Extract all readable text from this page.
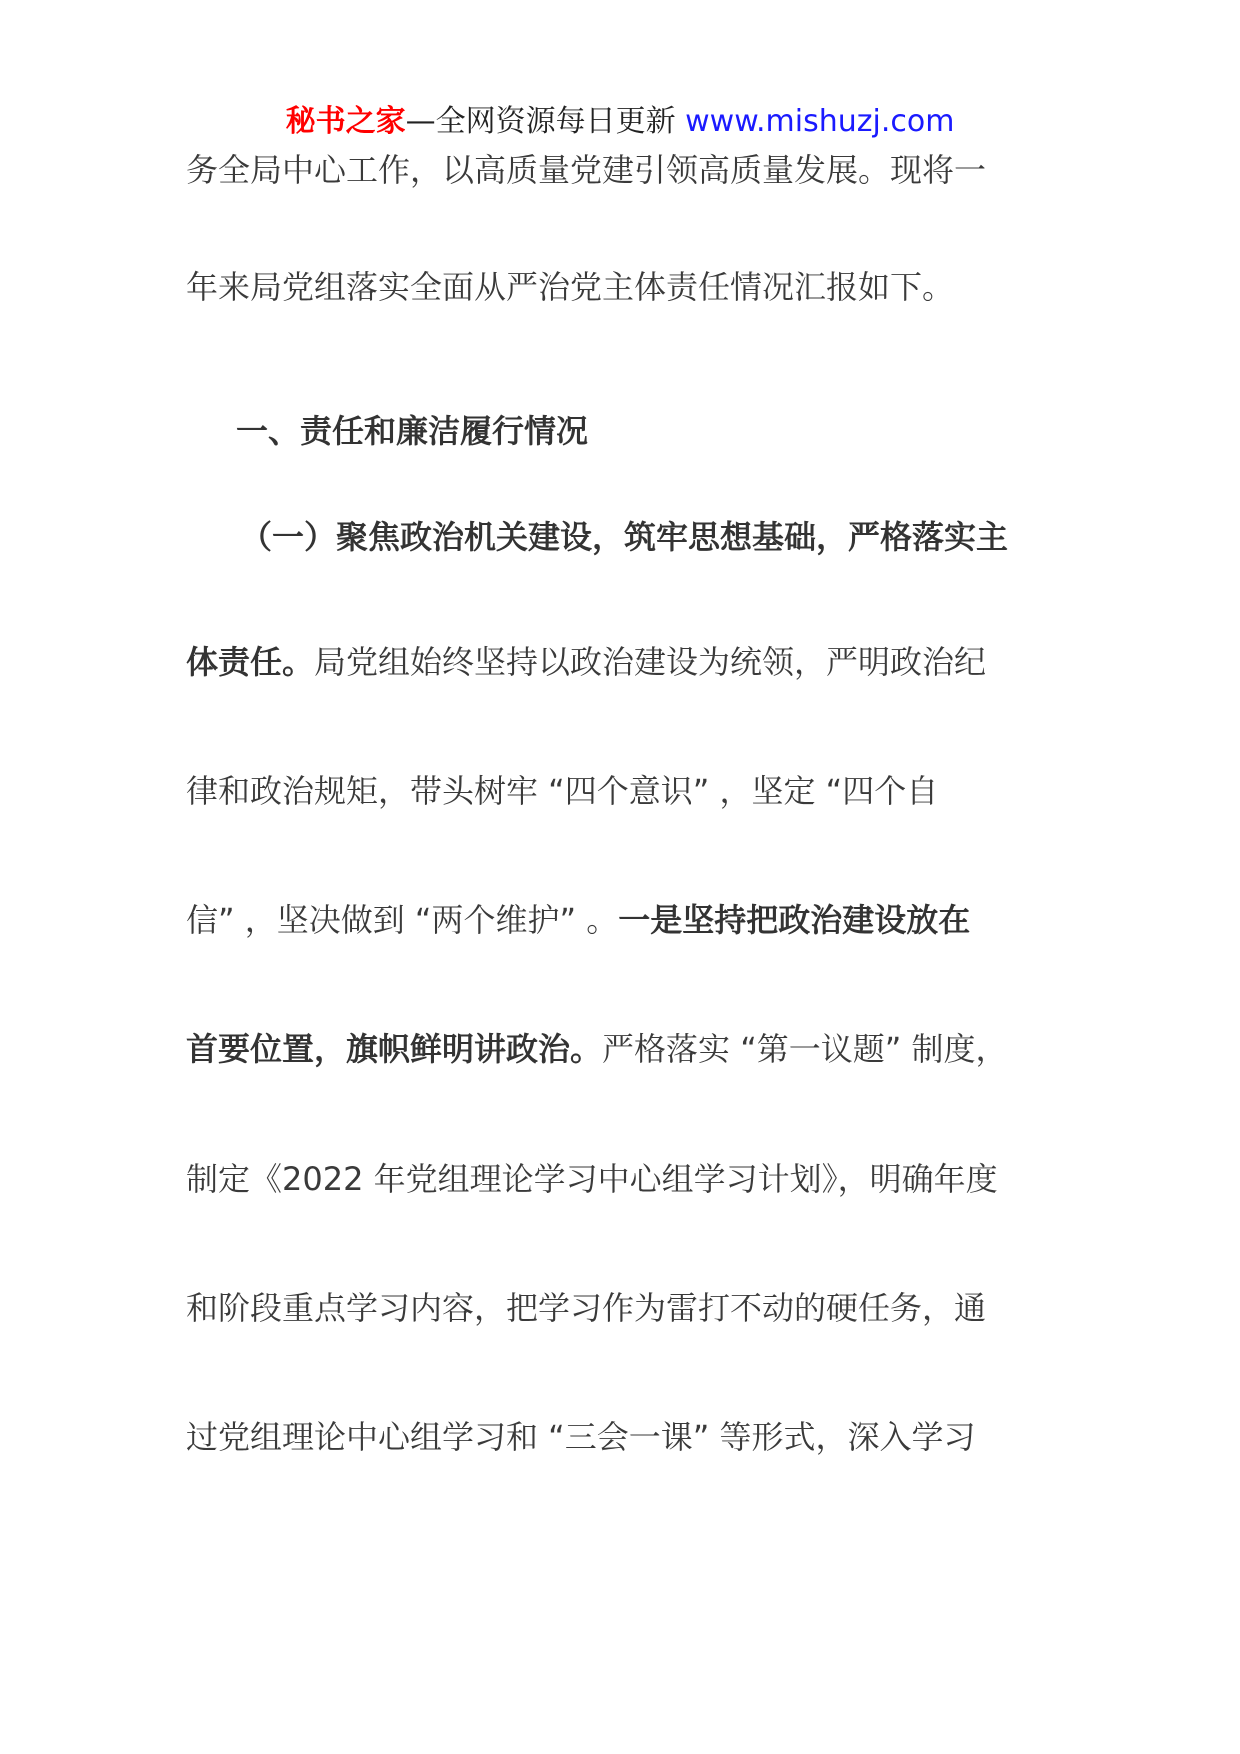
秘书之家—全网资源每日更新 www.mishuzj.com
务全局中心工作，以高质量党建引领高质量发展。现将一
年来局党组落实全面从严治党主体责任情况汇报如下。
一、责任和廉洁履行情况
（一）聚焦政治机关建设，筑牢思想基础，严格落实主
体责任。局党组始终坚持以政治建设为统领，严明政治纪
律和政治规矩，带头树牢 “四个意识” ，坚定 “四个自
信” ，坚决做到 “两个维护” 。一是坚持把政治建设放在
首要位置，旗帜鲜明讲政治。严格落实 “第一议题” 制度，
制定《2022 年党组理论学习中心组学习计划》，明确年度
和阶段重点学习内容，把学习作为雷打不动的硬任务，通
过党组理论中心组学习和 “三会一课” 等形式，深入学习
